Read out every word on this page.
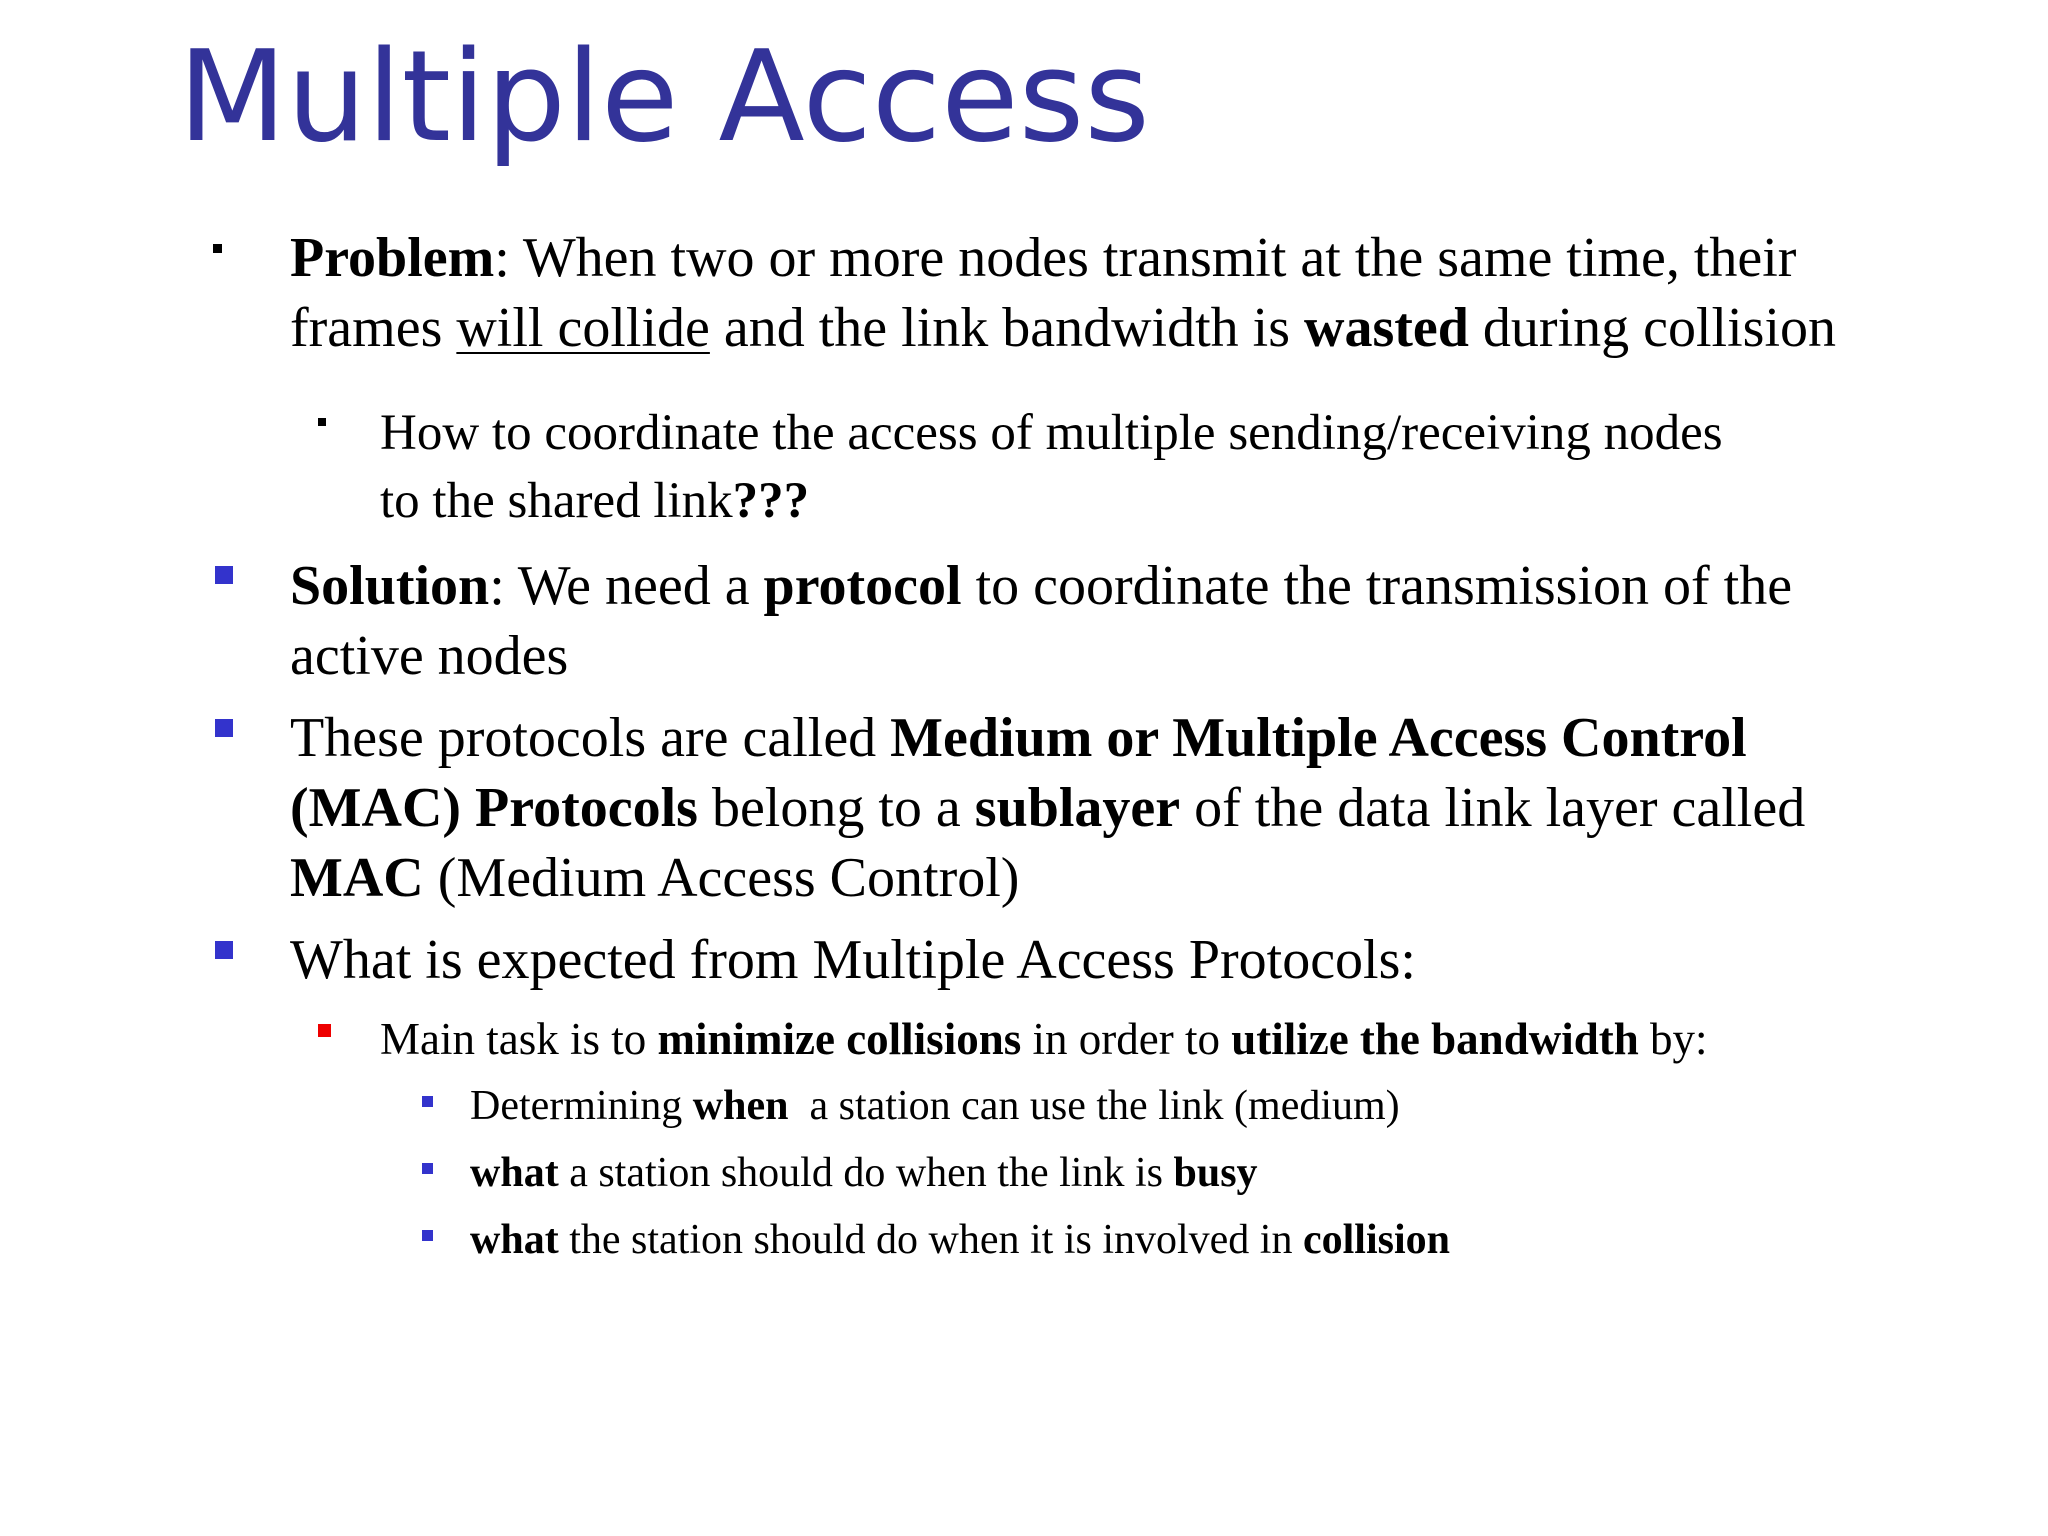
Multiple Access
Problem: When two or more nodes transmit at the same time, their
frames will collide and the link bandwidth is wasted during collision
How to coordinate the access of multiple sending/receiving nodes
to the shared link???
Solution: We need a protocol to coordinate the transmission of the
active nodes
These protocols are called Medium or Multiple Access Control
(MAC) Protocols belong to a sublayer of the data link layer called
MAC (Medium Access Control)
What is expected from Multiple Access Protocols:
Main task is to minimize collisions in order to utilize the bandwidth by:
Determining when  a station can use the link (medium)
what a station should do when the link is busy
what the station should do when it is involved in collision
